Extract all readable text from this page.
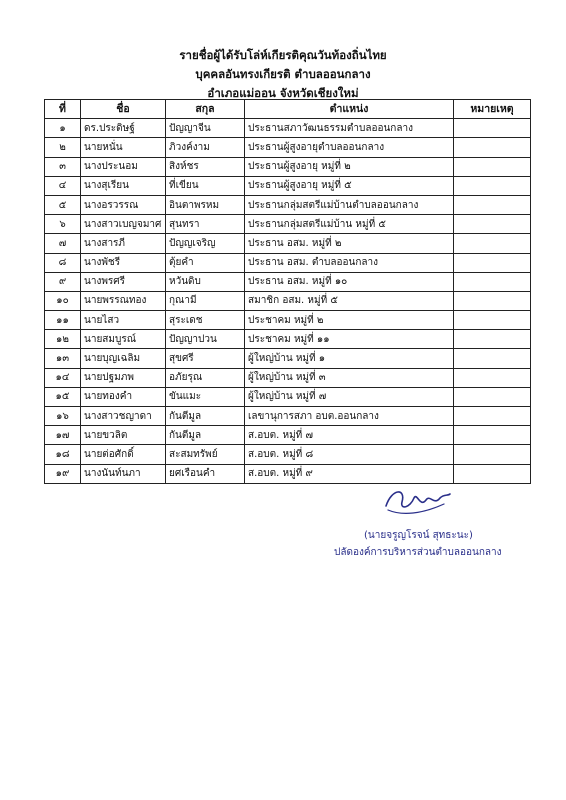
รายชื่อผู้ได้รับโล่ห์เกียรติคุณวันท้องถิ่นไทย
บุคคลอันทรงเกียรติ ตำบลออนกลาง
อำเภอแม่ออน จังหวัดเชียงใหม่
ที่	ชื่อ	สกุล	ตำแหน่ง	หมายเหตุ
๑	ดร.ประดิษฐ์	ปัญญาจีน	ประธานสภาวัฒนธรรมตำบลออนกลาง	
๒	นายหนั่น	ภิวงค์งาม	ประธานผู้สูงอายุตำบลออนกลาง	
๓	นางประนอม	สิงห์ชร	ประธานผู้สูงอายุ หมู่ที่ ๒	
๔	นางสุเรียน	ที่เขียน	ประธานผู้สูงอายุ หมู่ที่ ๕	
๕	นางอรวรรณ	อินตาพรหม	ประธานกลุ่มสตรีแม่บ้านตำบลออนกลาง	
๖	นางสาวเบญจมาศ	สุนทรา	ประธานกลุ่มสตรีแม่บ้าน หมู่ที่ ๕	
๗	นางสารภี	ปัญญเจริญ	ประธาน อสม. หมู่ที่ ๒	
๘	นางพัชรี	ตุ้ยคำ	ประธาน อสม. ตำบลออนกลาง	
๙	นางพรศรี	หวันดิบ	ประธาน อสม. หมู่ที่ ๑๐	
๑๐	นายพรรณทอง	กุณามี	สมาชิก อสม. หมู่ที่ ๕	
๑๑	นายไสว	สุระเดช	ประชาคม หมู่ที่ ๒	
๑๒	นายสมบูรณ์	ปัญญาปวน	ประชาคม หมู่ที่ ๑๑	
๑๓	นายบุญเฉลิม	สุขศรี	ผู้ใหญ่บ้าน หมู่ที่ ๑	
๑๔	นายปฐมภพ	อภัยรุณ	ผู้ใหญ่บ้าน หมู่ที่ ๓	
๑๕	นายทองคำ	ขันแมะ	ผู้ใหญ่บ้าน หมู่ที่ ๗	
๑๖	นางสาวชญาดา	กันตีมูล	เลขานุการสภา อบต.ออนกลาง	
๑๗	นายขวลิต	กันตีมูล	ส.อบต. หมู่ที่ ๗	
๑๘	นายต่อศักดิ์	สะสมทรัพย์	ส.อบต. หมู่ที่ ๘	
๑๙	นางนันท์นภา	ยศเรือนคำ	ส.อบต. หมู่ที่ ๙	
(นายจรูญโรจน์ สุทธะนะ)
ปลัดองค์การบริหารส่วนตำบลออนกลาง
